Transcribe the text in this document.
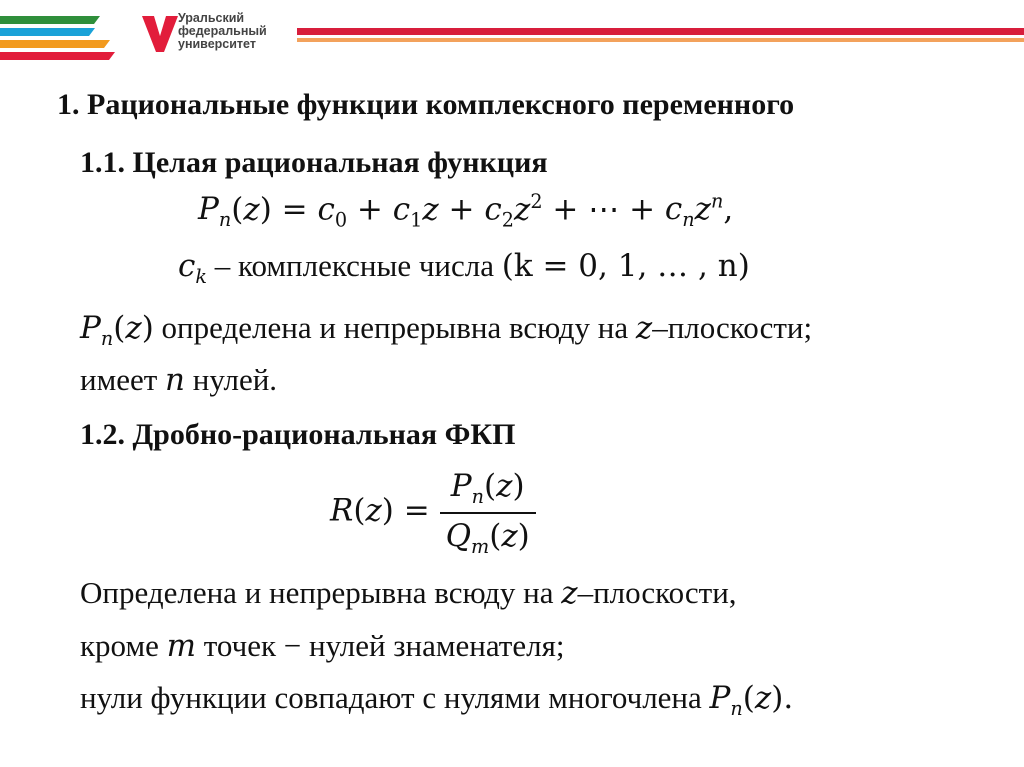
Уральский
федеральный
университет
1. Рациональные функции комплексного переменного
1.1. Целая рациональная функция
$P_n(z) = c_0 + c_1z + c_2z^2$ + ⋯ + $c_nz^n$,
$c_k$ – комплексные числа (k = 0, 1, … , n)
$P_n(z)$ определена и непрерывна всюду на z–плоскости;
имеет n нулей.
1.2. Дробно-рациональная ФКП
$R(z) = \frac{P_n(z)}{Q_m(z)}$
Определена и непрерывна всюду на z–плоскости,
кроме m точек − нулей знаменателя;
нули функции совпадают с нулями многочлена $P_n(z)$.
